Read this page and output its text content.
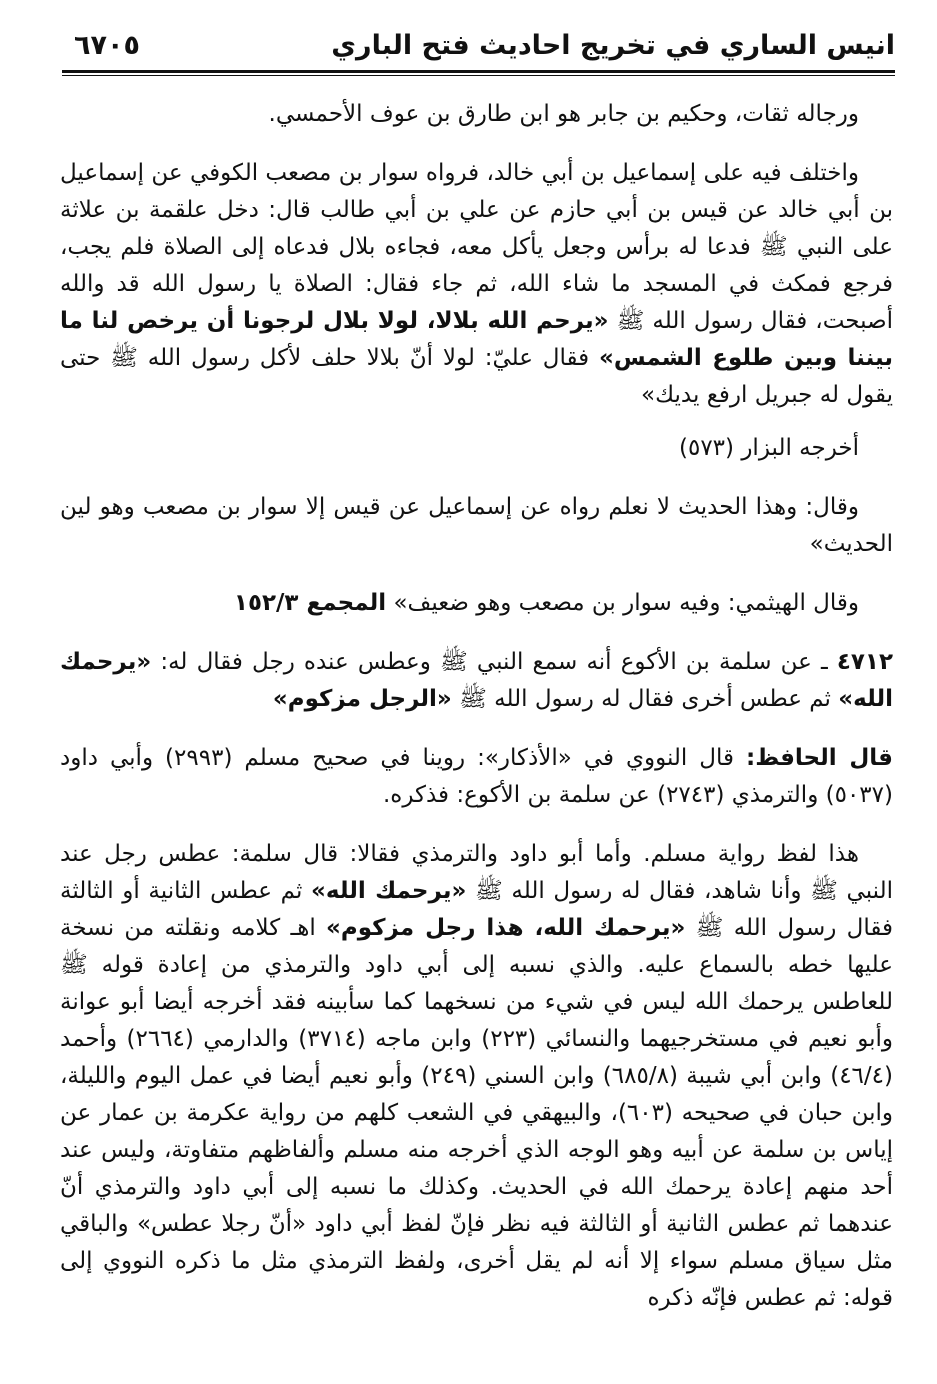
انيس الساري في تخريج احاديث فتح الباري
٦٧٠٥

ورجاله ثقات، وحكيم بن جابر هو ابن طارق بن عوف الأحمسي.

واختلف فيه على إسماعيل بن أبي خالد، فرواه سوار بن مصعب الكوفي عن إسماعيل بن أبي خالد عن قيس بن أبي حازم عن علي بن أبي طالب قال: دخل علقمة بن علاثة على النبي ﷺ فدعا له برأس وجعل يأكل معه، فجاءه بلال فدعاه إلى الصلاة فلم يجب، فرجع فمكث في المسجد ما شاء الله، ثم جاء فقال: الصلاة يا رسول الله قد والله أصبحت، فقال رسول الله ﷺ «يرحم الله بلالا، لولا بلال لرجونا أن يرخص لنا ما بيننا وبين طلوع الشمس» فقال عليّ: لولا أنّ بلالا حلف لأكل رسول الله ﷺ حتى يقول له جبريل ارفع يديك»

أخرجه البزار (٥٧٣)

وقال: وهذا الحديث لا نعلم رواه عن إسماعيل عن قيس إلا سوار بن مصعب وهو لين الحديث»

وقال الهيثمي: وفيه سوار بن مصعب وهو ضعيف» المجمع ١٥٢/٣

٤٧١٢ ـ عن سلمة بن الأكوع أنه سمع النبي ﷺ وعطس عنده رجل فقال له: «يرحمك الله» ثم عطس أخرى فقال له رسول الله ﷺ «الرجل مزكوم»

قال الحافظ: قال النووي في «الأذكار»: روينا في صحيح مسلم (٢٩٩٣) وأبي داود (٥٠٣٧) والترمذي (٢٧٤٣) عن سلمة بن الأكوع: فذكره.

هذا لفظ رواية مسلم. وأما أبو داود والترمذي فقالا: قال سلمة: عطس رجل عند النبي ﷺ وأنا شاهد، فقال له رسول الله ﷺ «يرحمك الله» ثم عطس الثانية أو الثالثة فقال رسول الله ﷺ «يرحمك الله، هذا رجل مزكوم» اهـ كلامه ونقلته من نسخة عليها خطه بالسماع عليه. والذي نسبه إلى أبي داود والترمذي من إعادة قوله ﷺ للعاطس يرحمك الله ليس في شيء من نسخهما كما سأبينه فقد أخرجه أيضا أبو عوانة وأبو نعيم في مستخرجيهما والنسائي (٢٢٣) وابن ماجه (٣٧١٤) والدارمي (٢٦٦٤) وأحمد (٤٦/٤) وابن أبي شيبة (٦٨٥/٨) وابن السني (٢٤٩) وأبو نعيم أيضا في عمل اليوم والليلة، وابن حبان في صحيحه (٦٠٣)، والبيهقي في الشعب كلهم من رواية عكرمة بن عمار عن إياس بن سلمة عن أبيه وهو الوجه الذي أخرجه منه مسلم وألفاظهم متفاوتة، وليس عند أحد منهم إعادة يرحمك الله في الحديث. وكذلك ما نسبه إلى أبي داود والترمذي أنّ عندهما ثم عطس الثانية أو الثالثة فيه نظر فإنّ لفظ أبي داود «أنّ رجلا عطس» والباقي مثل سياق مسلم سواء إلا أنه لم يقل أخرى، ولفظ الترمذي مثل ما ذكره النووي إلى قوله: ثم عطس فإنّه ذكره
